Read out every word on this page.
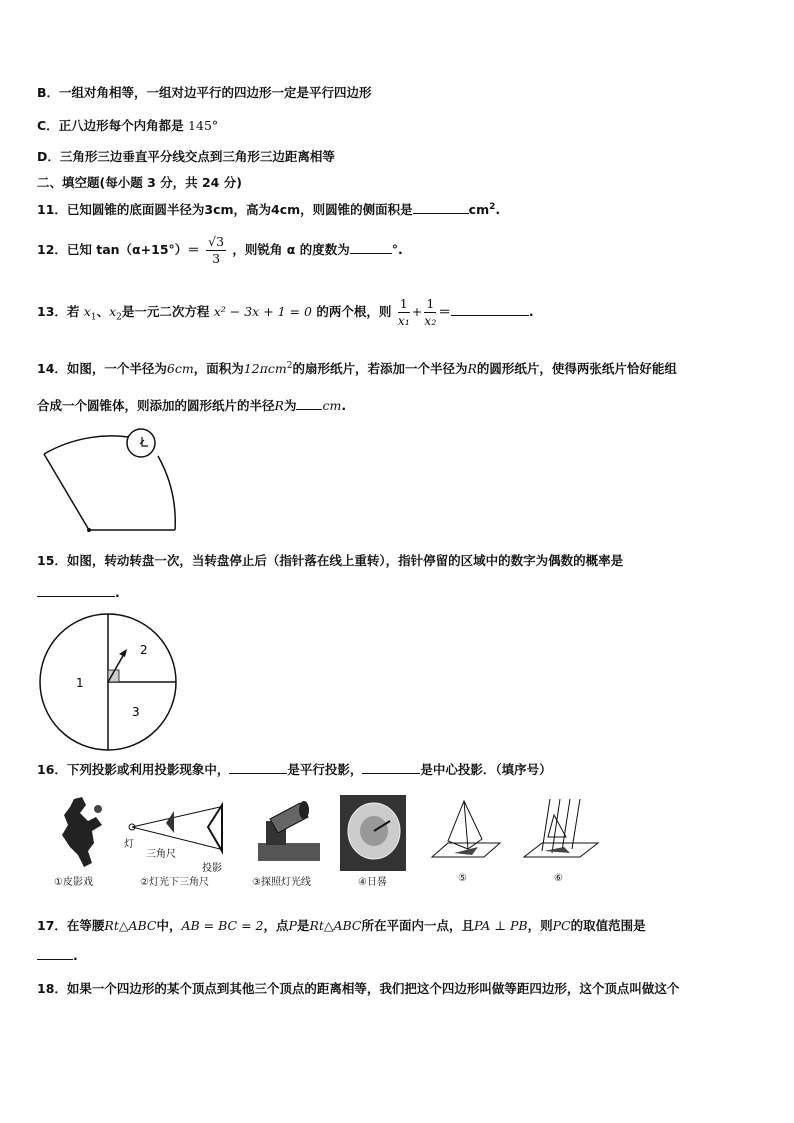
B．一组对角相等，一组对边平行的四边形一定是平行四边形
C．正八边形每个内角都是 145°
D．三角形三边垂直平分线交点到三角形三边距离相等
二、填空题(每小题 3 分，共 24 分)
11．已知圆锥的底面圆半径为3cm，高为4cm，则圆锥的侧面积是	$cm^2$.
12．已知 $\tan(\alpha+15^\circ)= \frac{√3}{3}$ ，则锐角 α 的度数为	°.
13．若 $x_1$、$x_2$是一元二次方程 x² − 3x + 1 = 0 的两个根，则 $\frac{1}{\text{x₁}} + \frac{1}{\text{x₂}}$ ＝	.
14．如图，一个半径为6cm，面积为12πcm$^2$的扇形纸片，若添加一个半径为R的圆形纸片，使得两张纸片恰好能组
合成一个圆锥体，则添加的圆形纸片的半径R为 cm.
15．如图，转动转盘一次，当转盘停止后（指针落在线上重转），指针停留的区域中的数字为偶数的概率是
.
2
1
3
16．下列投影或利用投影现象中，	是平行投影，	是中心投影．（填序号）
灯
三角尺
投影
①皮影戏	②灯光下三角尺	③探照灯光线	④日晷	⑤	⑥
17．在等腰Rt△ABC中，AB = BC = 2，点P是Rt△ABC所在平面内一点，且PA ⊥ PB，则PC的取值范围是
.
18．如果一个四边形的某个顶点到其他三个顶点的距离相等，我们把这个四边形叫做等距四边形，这个顶点叫做这个
